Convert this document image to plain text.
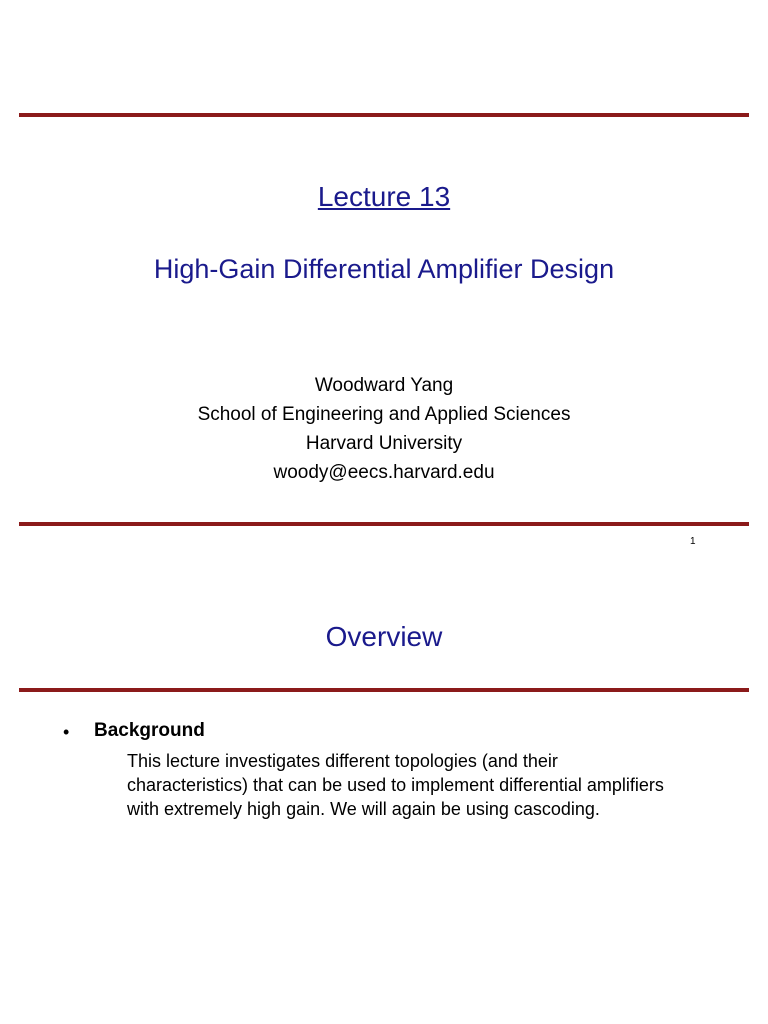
Lecture 13
High-Gain Differential Amplifier Design
Woodward Yang
School of Engineering and Applied Sciences
Harvard University
woody@eecs.harvard.edu
1
Overview
• Background
This lecture investigates different topologies (and their
characteristics) that can be used to implement differential amplifiers
with extremely high gain. We will again be using cascoding.
